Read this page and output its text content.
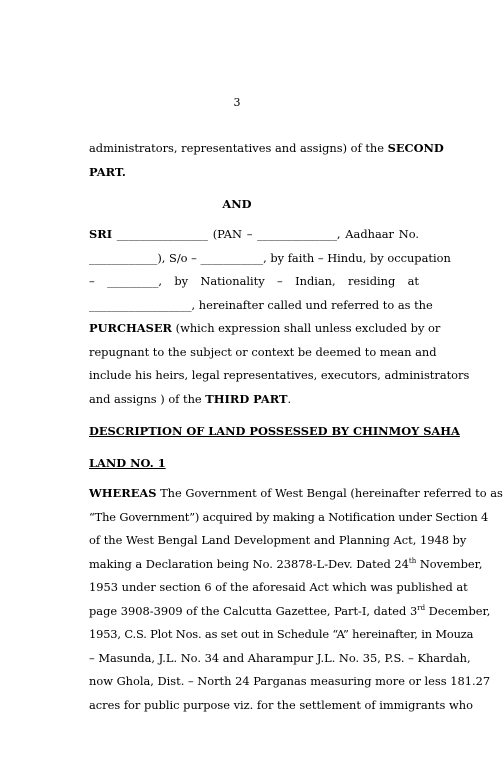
3

administrators, representatives and assigns) of the SECOND
PART.

AND

SRI ________________ (PAN – ______________, Aadhaar No.
____________), S/o – ___________, by faith – Hindu, by occupation
– _________, by Nationality – Indian, residing at
__________________, hereinafter called und referred to as the
PURCHASER (which expression shall unless excluded by or
repugnant to the subject or context be deemed to mean and
include his heirs, legal representatives, executors, administrators
and assigns ) of the THIRD PART.

DESCRIPTION OF LAND POSSESSED BY CHINMOY SAHA

LAND NO. 1

WHEREAS The Government of West Bengal (hereinafter referred to as
“The Government”) acquired by making a Notification under Section 4
of the West Bengal Land Development and Planning Act, 1948 by
making a Declaration being No. 23878-L-Dev. Dated 24th November,
1953 under section 6 of the aforesaid Act which was published at
page 3908-3909 of the Calcutta Gazettee, Part-I, dated 3rd December,
1953, C.S. Plot Nos. as set out in Schedule “A” hereinafter, in Mouza
– Masunda, J.L. No. 34 and Aharampur J.L. No. 35, P.S. – Khardah,
now Ghola, Dist. – North 24 Parganas measuring more or less 181.27
acres for public purpose viz. for the settlement of immigrants who
